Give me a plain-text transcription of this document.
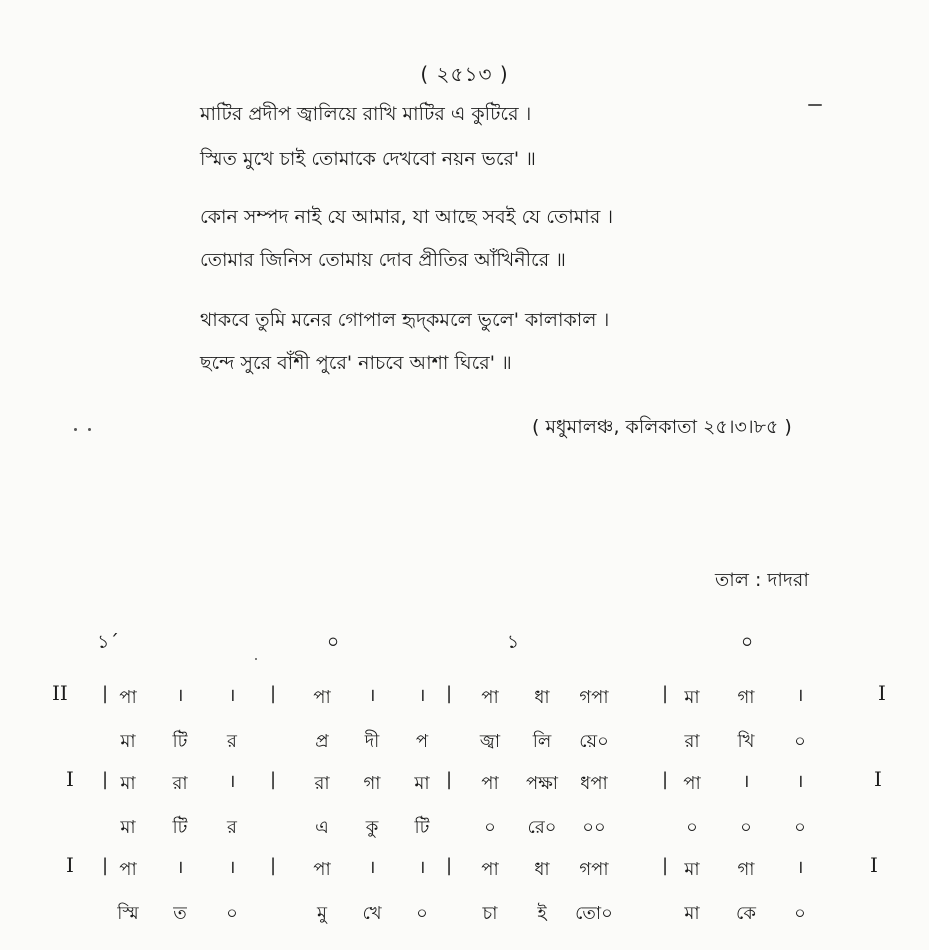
( ২৫১৩ )
মাটির প্রদীপ জ্বালিয়ে রাখি মাটির এ কুটিরে ।
স্মিত মুখে চাই তোমাকে দেখবো নয়ন ভরে' ॥
কোন সম্পদ নাই যে আমার, যা আছে সবই যে তোমার ।
তোমার জিনিস তোমায় দোব প্রীতির আঁখিনীরে ॥
থাকবে তুমি মনের গোপাল হৃদ্‌কমলে ভুলে' কালাকাল ।
ছন্দে সুরে বাঁশী পুরে' নাচবে আশা ঘিরে' ॥
( মধুমালঞ্চ, কলিকাতা ২৫।৩।৮৫ )
তাল : দাদরা
১´	০	১	০
II |	|	|	|	I
পা	।	।	পা	।	।	পা	ধা	গপা	মা	গা	।
মা	টি	র	প্র	দী	প	জ্বা	লি	য়ে০	রা	খি	০
I |	|	|	|	I
মা	রা	।	রা	গা	মা	পা	পক্ষা	ধপা	পা	।	।
মা	টি	র	এ	কু	টি	০	রে০	০০	০	০	০
I |	|	|	|	I
পা	।	।	পা	।	।	পা	ধা	গপা	মা	গা	।
স্মি	ত	০	মু	খে	০	চা	ই	তো০	মা	কে	০
